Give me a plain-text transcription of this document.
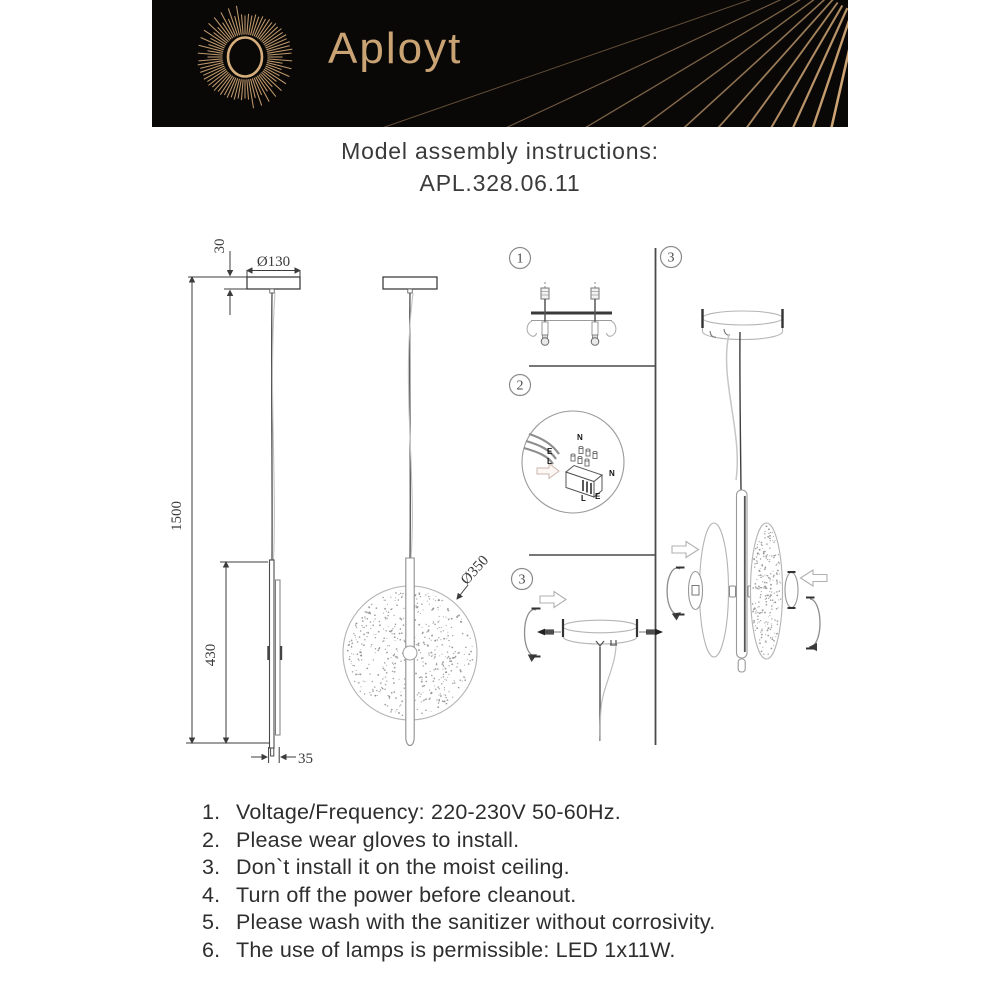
Aployt
Model assembly instructions:
APL.328.06.11
30
Ø130
1500
430
35
Ø350
1
2
3
3
N
E
L
N
L E
1. Voltage/Frequency: 220-230V 50-60Hz.
2. Please wear gloves to install.
3. Don`t install it on the moist ceiling.
4. Turn off the power before cleanout.
5. Please wash with the sanitizer without corrosivity.
6. The use of lamps is permissible: LED 1x11W.
